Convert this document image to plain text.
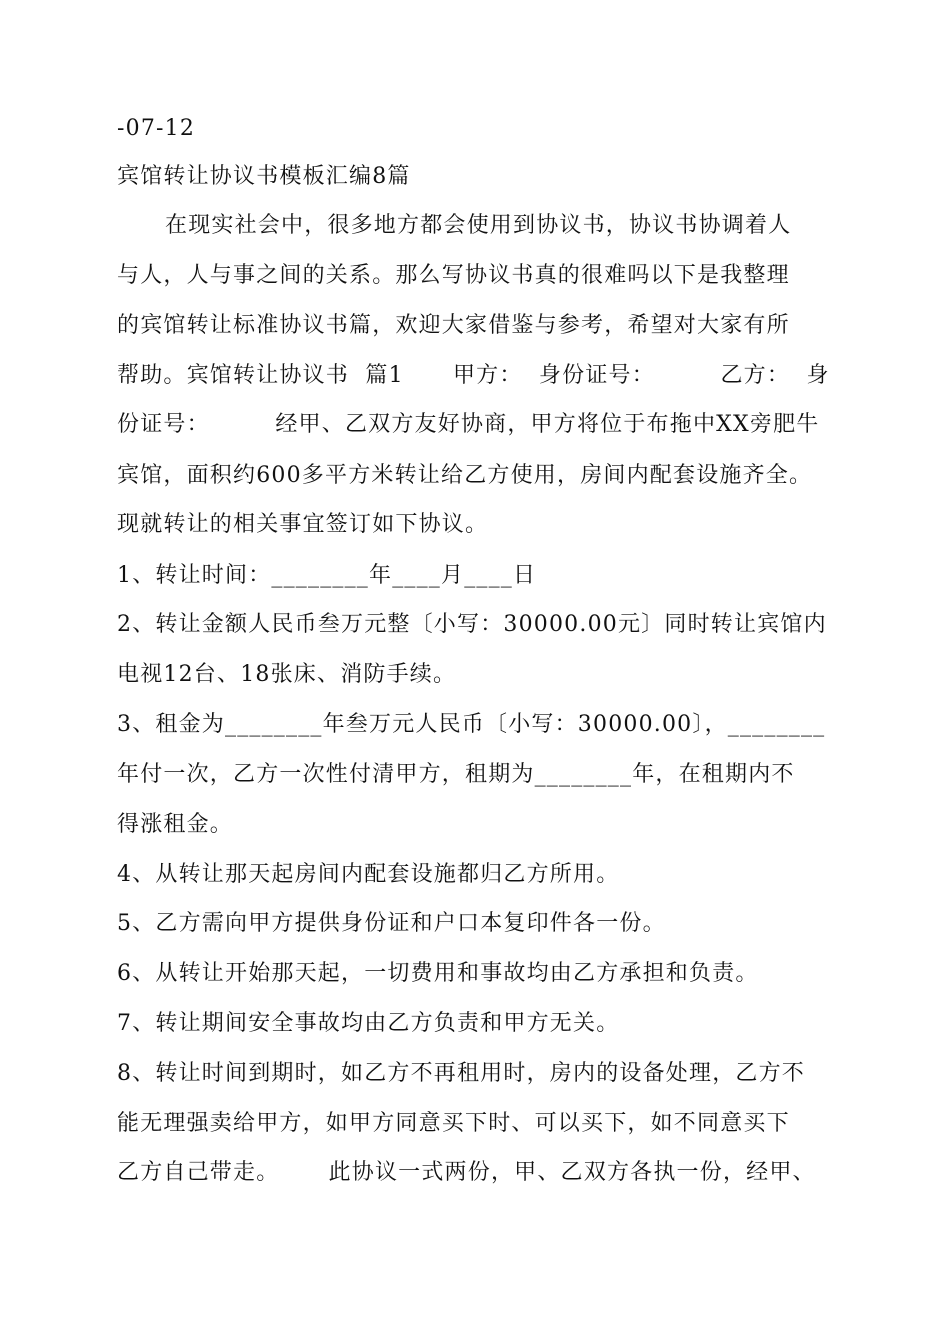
-07-12
宾馆转让协议书模板汇编8篇
在现实社会中，很多地方都会使用到协议书，协议书协调着人
与人，人与事之间的关系。那么写协议书真的很难吗以下是我整理
的宾馆转让标准协议书篇，欢迎大家借鉴与参考，希望对大家有所
帮助。宾馆转让协议书  篇1      甲方：  身份证号：        乙方：  身
份证号：        经甲、乙双方友好协商，甲方将位于布拖中XX旁肥牛
宾馆，面积约600多平方米转让给乙方使用，房间内配套设施齐全。
现就转让的相关事宜签订如下协议。
1、转让时间：________年____月____日
2、转让金额人民币叁万元整〔小写：30000.00元〕同时转让宾馆内
电视12台、18张床、消防手续。
3、租金为________年叁万元人民币〔小写：30000.00〕，________
年付一次，乙方一次性付清甲方，租期为________年，在租期内不
得涨租金。
4、从转让那天起房间内配套设施都归乙方所用。
5、乙方需向甲方提供身份证和户口本复印件各一份。
6、从转让开始那天起，一切费用和事故均由乙方承担和负责。
7、转让期间安全事故均由乙方负责和甲方无关。
8、转让时间到期时，如乙方不再租用时，房内的设备处理，乙方不
能无理强卖给甲方，如甲方同意买下时、可以买下，如不同意买下
乙方自己带走。      此协议一式两份，甲、乙双方各执一份，经甲、
